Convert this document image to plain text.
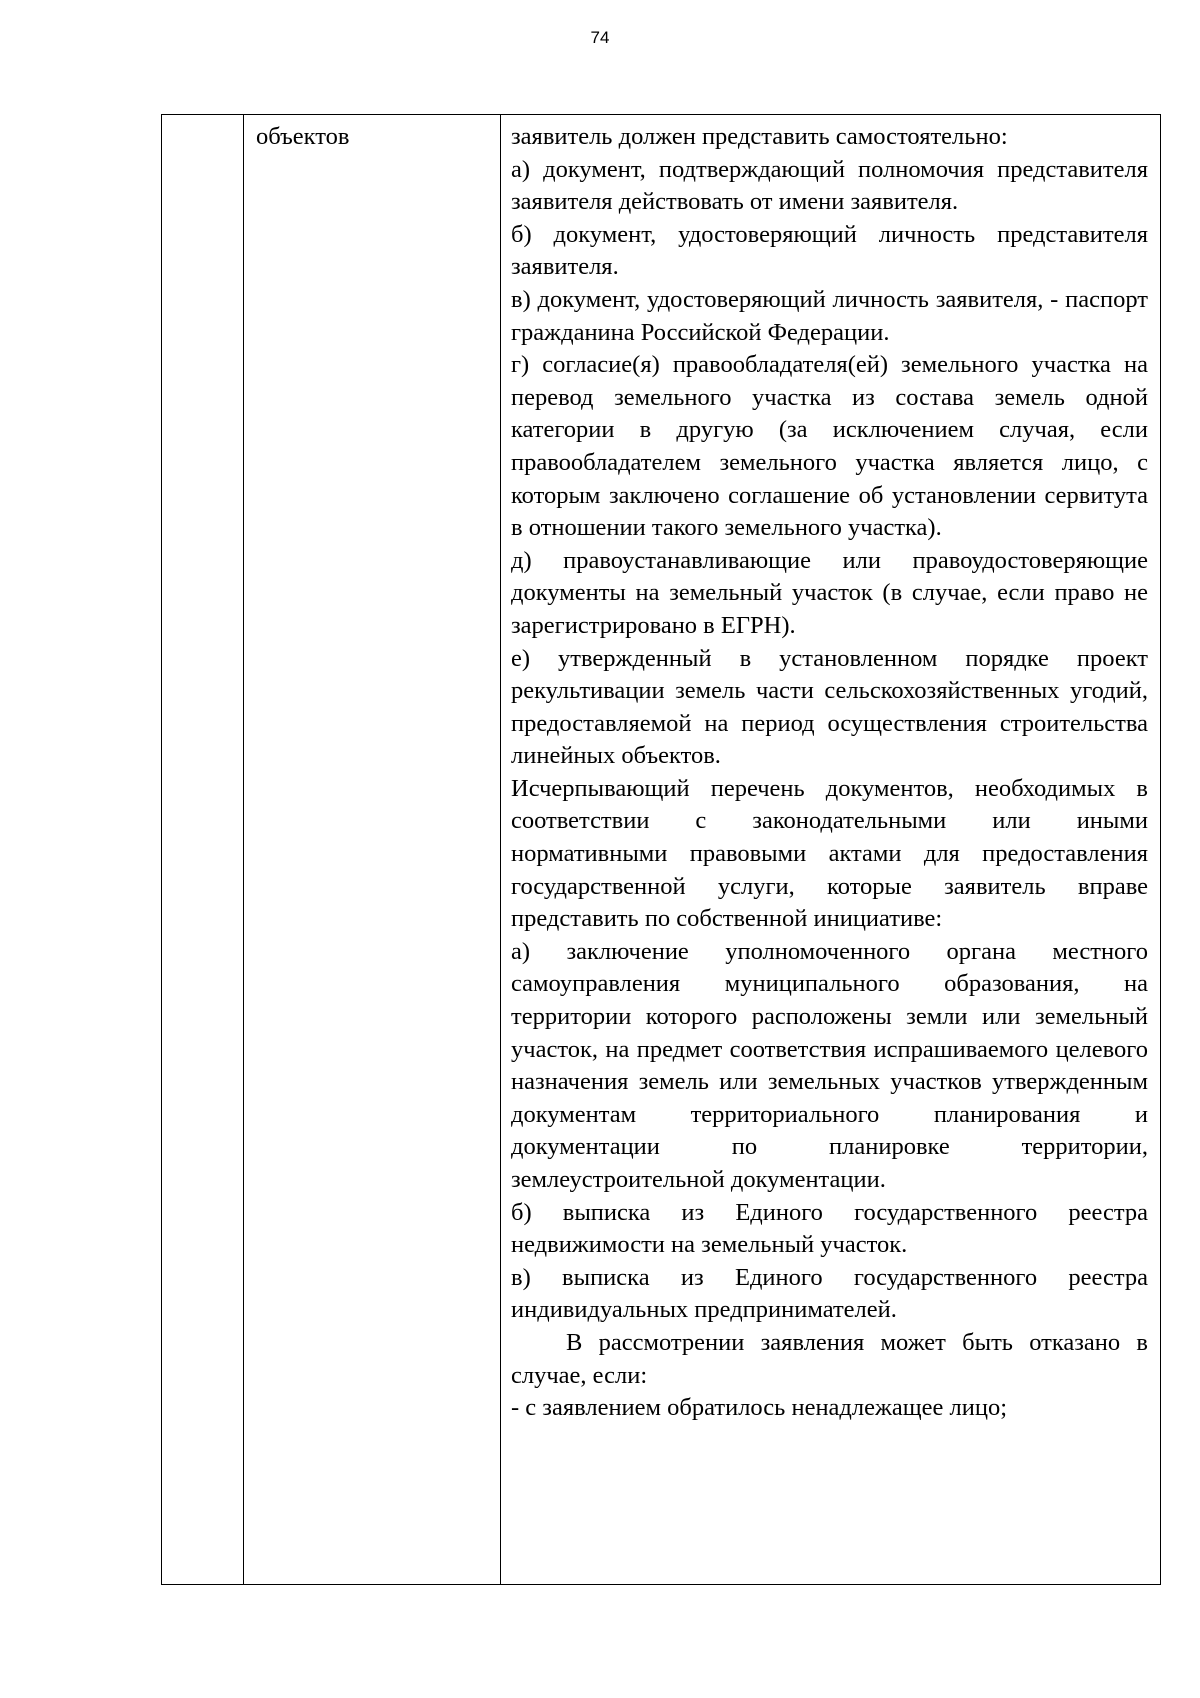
74

объектов	заявитель должен представить самостоятельно:

а) документ, подтверждающий полномочия представителя заявителя действовать от имени заявителя.

б) документ, удостоверяющий личность представителя заявителя.

в) документ, удостоверяющий личность заявителя, - паспорт гражданина Российской Федерации.

г) согласие(я) правообладателя(ей) земельного участка на перевод земельного участка из состава земель одной категории в другую (за исключением случая, если правообладателем земельного участка является лицо, с которым заключено соглашение об установлении сервитута в отношении такого земельного участка).

д) правоустанавливающие или правоудостоверяющие документы на земельный участок (в случае, если право не зарегистрировано в ЕГРН).

е) утвержденный в установленном порядке проект рекультивации земель части сельскохозяйственных угодий, предоставляемой на период осуществления строительства линейных объектов.

Исчерпывающий перечень документов, необходимых в соответствии с законодательными или иными нормативными правовыми актами для предоставления государственной услуги, которые заявитель вправе представить по собственной инициативе:

а) заключение уполномоченного органа местного самоуправления муниципального образования, на территории которого расположены земли или земельный участок, на предмет соответствия испрашиваемого целевого назначения земель или земельных участков утвержденным документам территориального планирования и документации по планировке территории, землеустроительной документации.

б) выписка из Единого государственного реестра недвижимости на земельный участок.

в) выписка из Единого государственного реестра индивидуальных предпринимателей.

В рассмотрении заявления может быть отказано в случае, если:

- с заявлением обратилось ненадлежащее лицо;
